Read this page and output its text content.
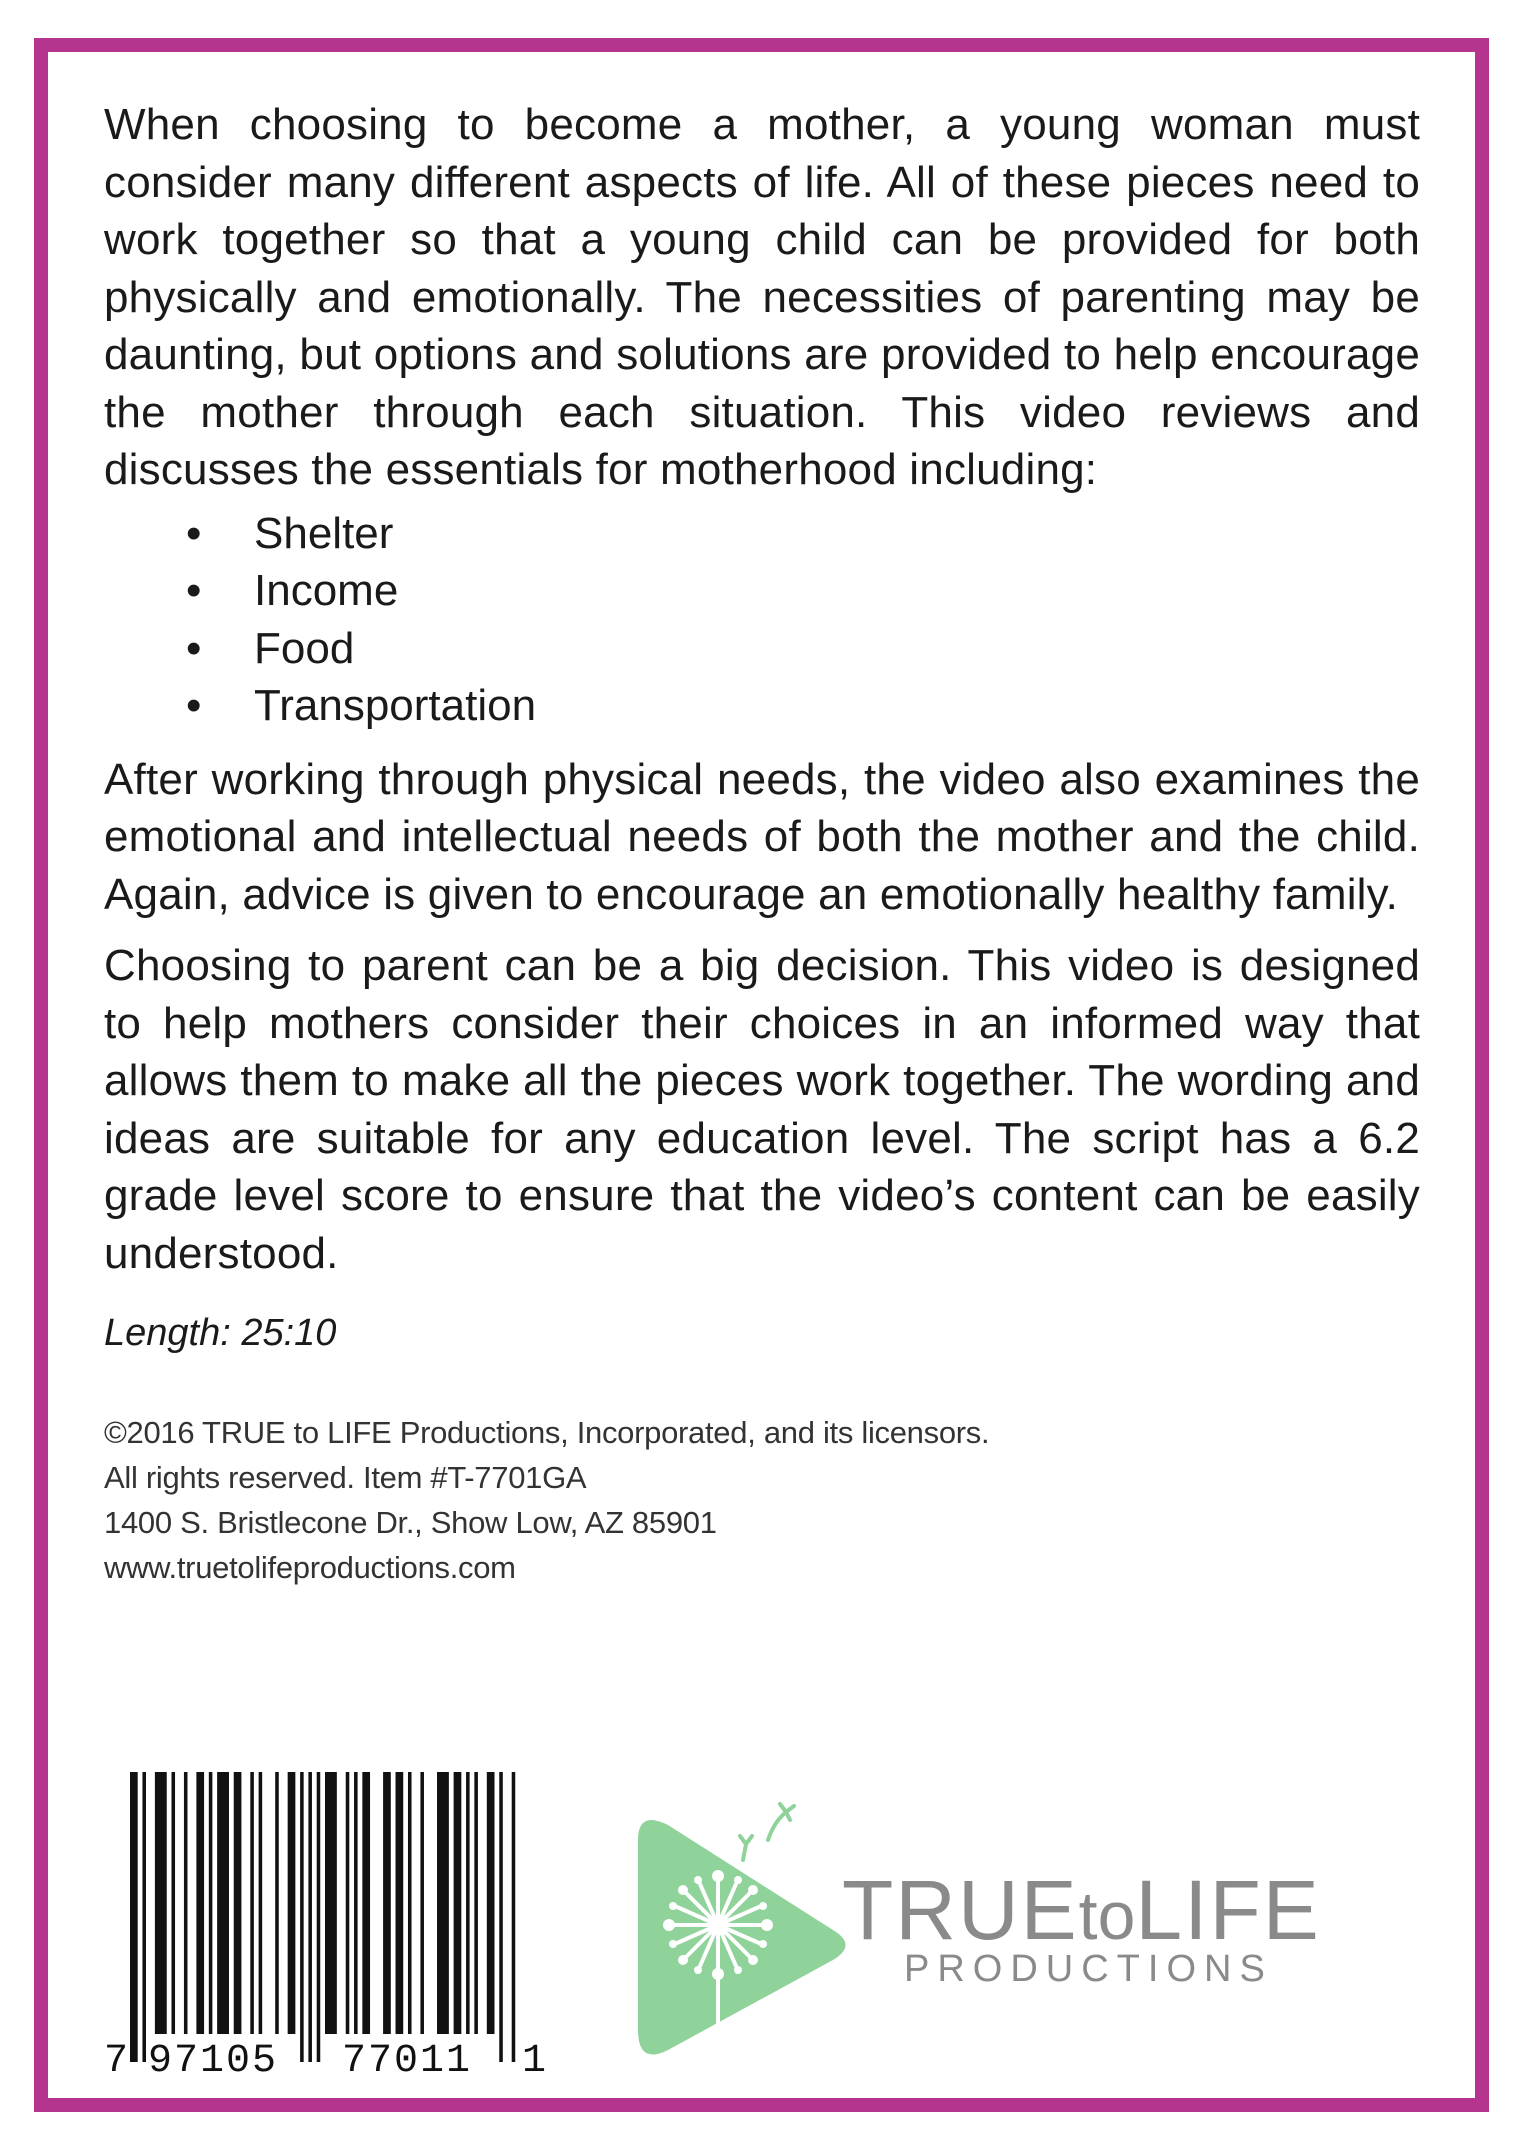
When choosing to become a mother, a young woman must consider many different aspects of life. All of these pieces need to work together so that a young child can be provided for both physically and emotionally. The necessities of parenting may be daunting, but options and solutions are provided to help encourage the mother through each situation. This video reviews and discusses the essentials for motherhood including:

• Shelter
• Income
• Food
• Transportation

After working through physical needs, the video also examines the emotional and intellectual needs of both the mother and the child. Again, advice is given to encourage an emotionally healthy family.

Choosing to parent can be a big decision. This video is designed to help mothers consider their choices in an informed way that allows them to make all the pieces work together. The wording and ideas are suitable for any education level. The script has a 6.2 grade level score to ensure that the video’s content can be easily understood.

Length: 25:10

©2016 TRUE to LIFE Productions, Incorporated, and its licensors.
All rights reserved. Item #T-7701GA
1400 S. Bristlecone Dr., Show Low, AZ 85901
www.truetolifeproductions.com
7 97105 77011 1
TRUEtoLIFE
PRODUCTIONS
